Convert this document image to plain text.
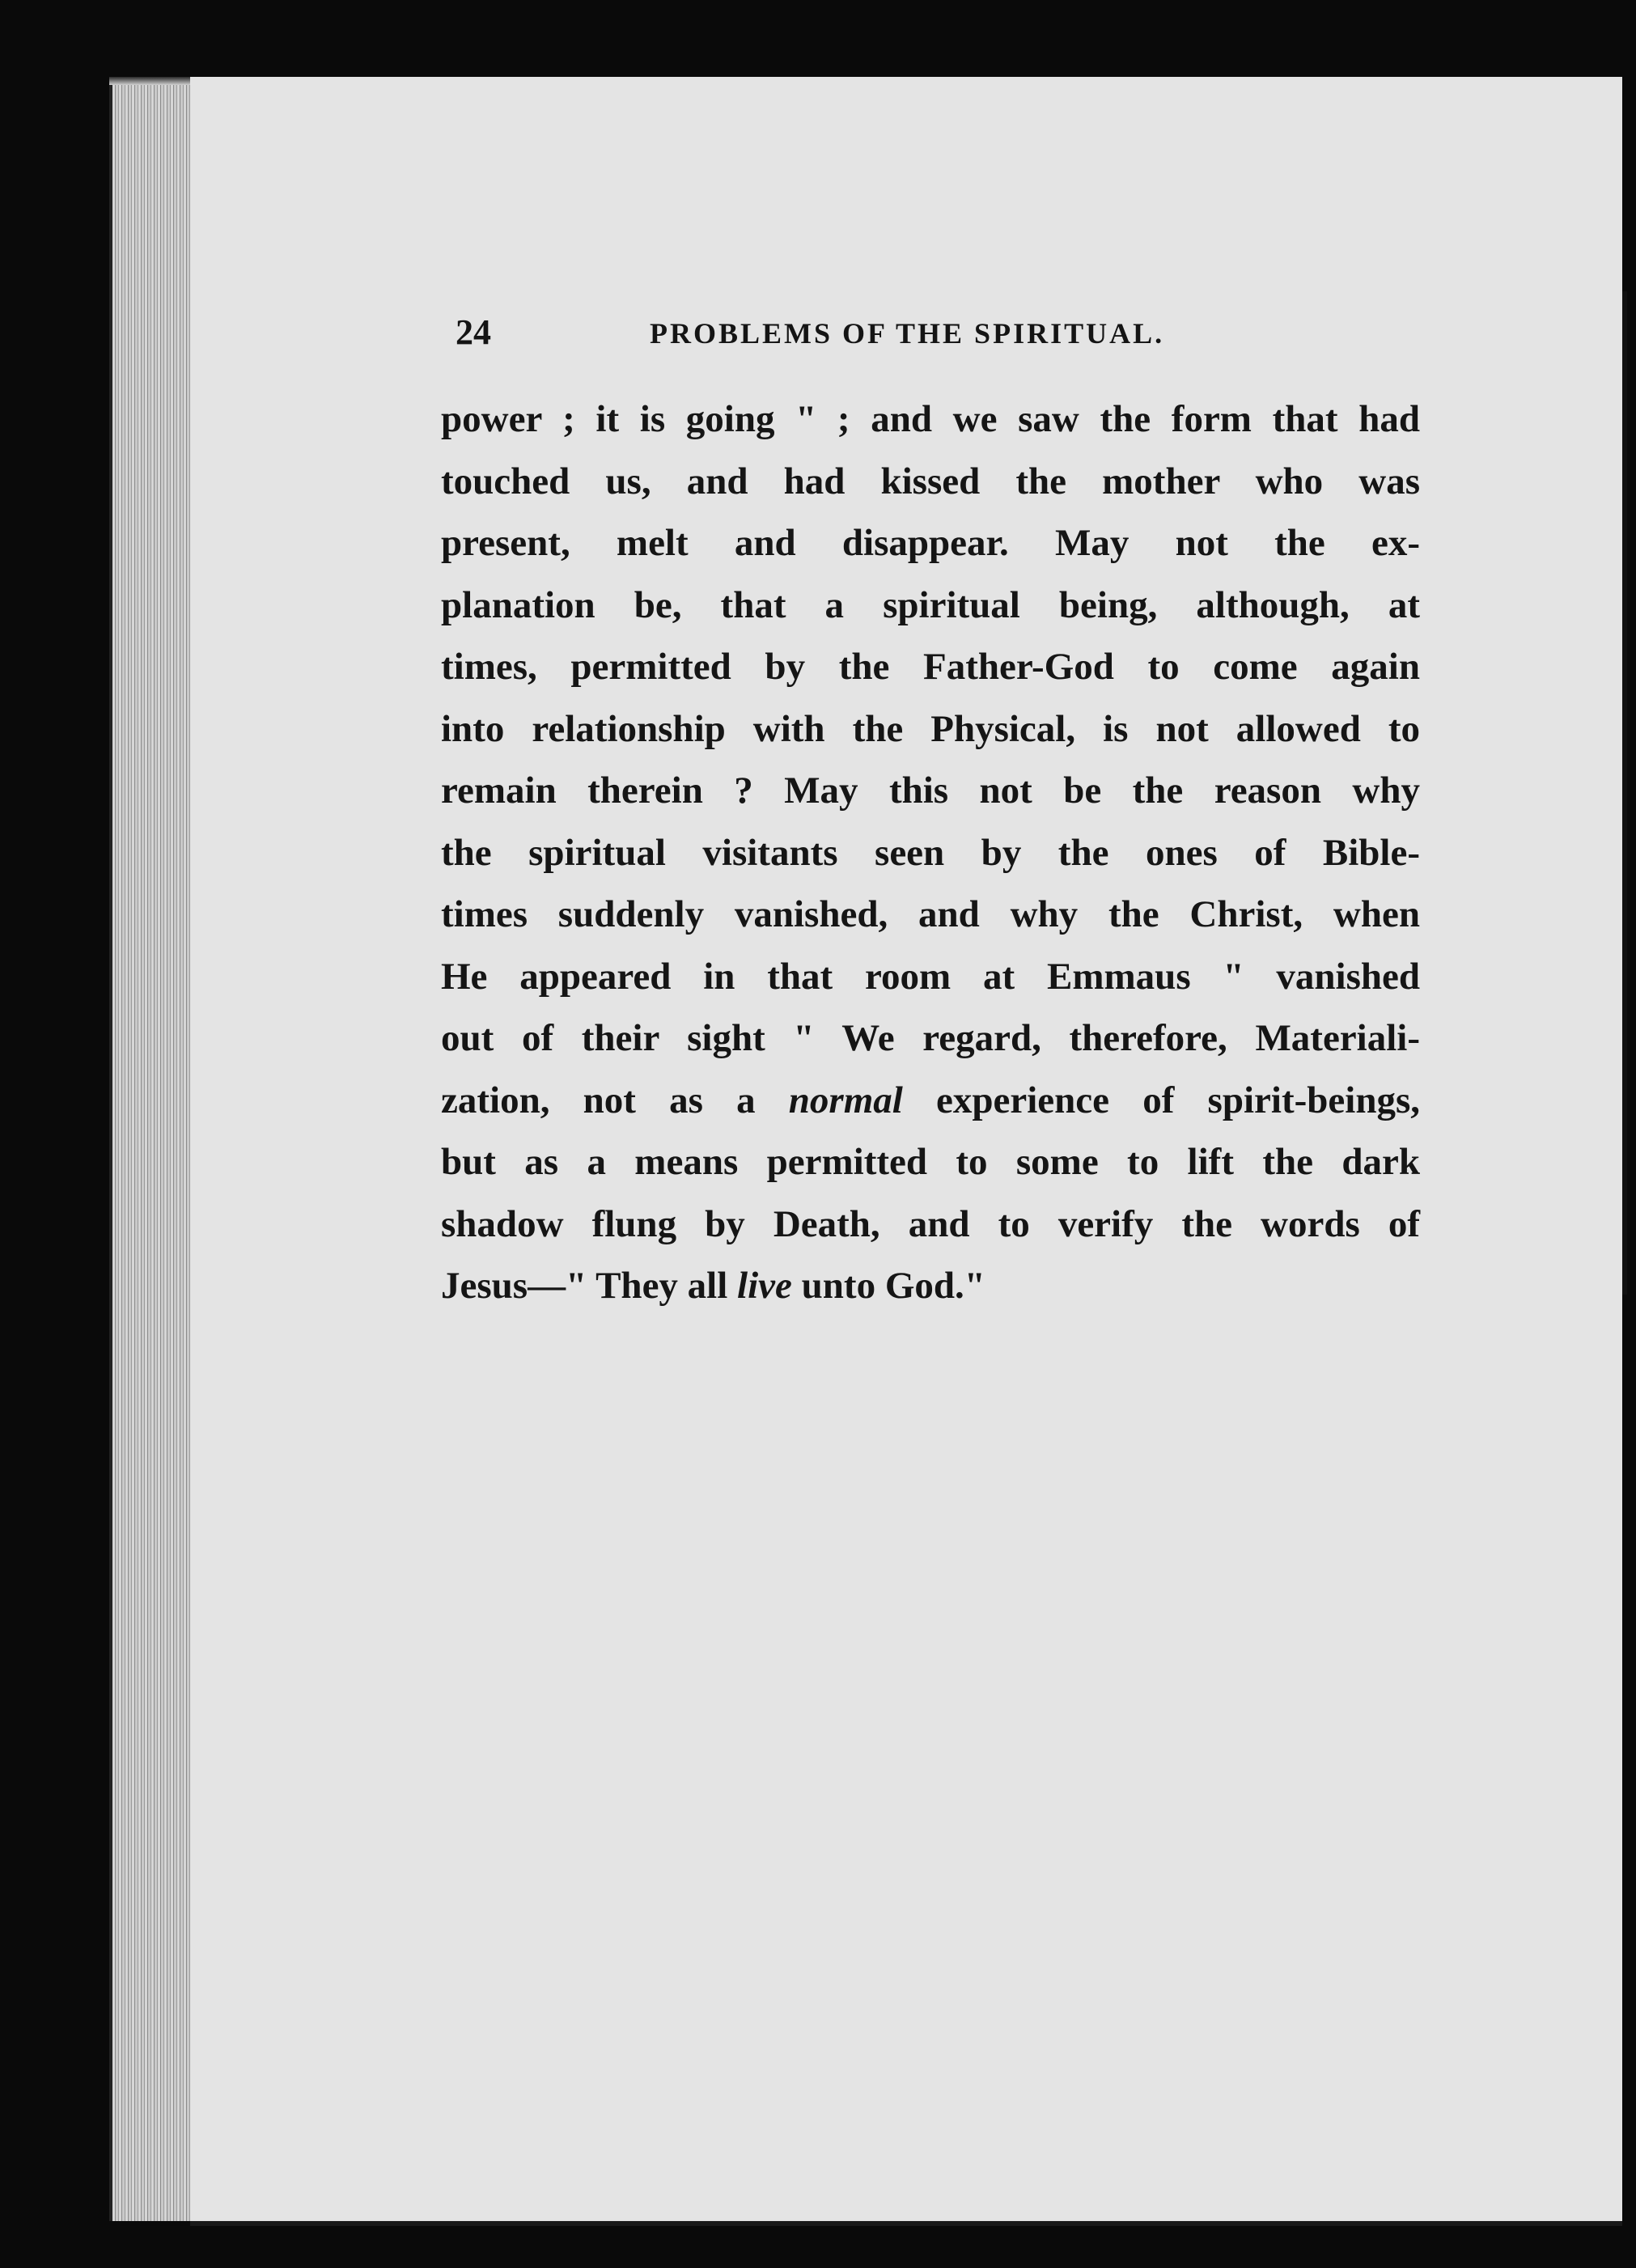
24	PROBLEMS OF THE SPIRITUAL.
power ; it is going " ; and we saw the form that had
touched us, and had kissed the mother who was
present, melt and disappear. May not the ex-
planation be, that a spiritual being, although, at
times, permitted by the Father-God to come again
into relationship with the Physical, is not allowed to
remain therein ? May this not be the reason why
the spiritual visitants seen by the ones of Bible-
times suddenly vanished, and why the Christ, when
He appeared in that room at Emmaus " vanished
out of their sight " We regard, therefore, Materiali-
zation, not as a normal experience of spirit-beings,
but as a means permitted to some to lift the dark
shadow flung by Death, and to verify the words of
Jesus—" They all live unto God."
